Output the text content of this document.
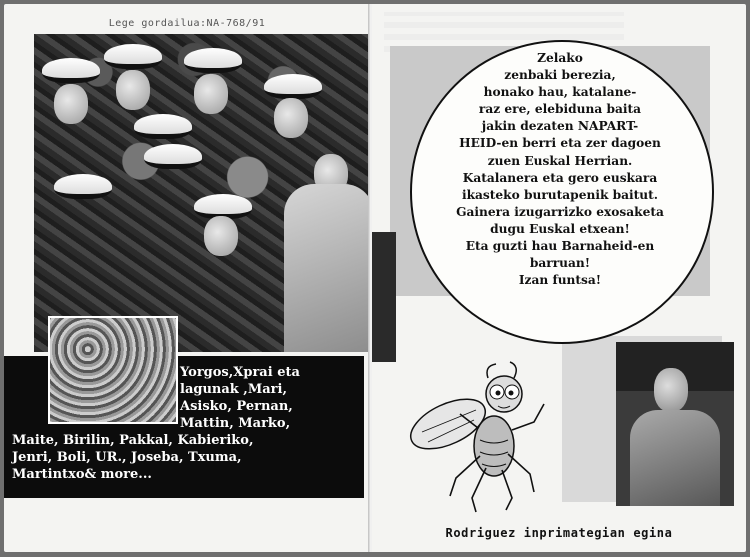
Lege gordailua:NA-768/91
Yorgos,Xprai eta
lagunak ,Mari,
Asisko, Pernan,
Mattin, Marko,
Maite, Birilin, Pakkal, Kabieriko,
Jenri, Boli, UR., Joseba, Txuma,
Martintxo& more...
Zelako
zenbaki berezia,
honako hau, katalane-
raz ere, elebiduna baita
jakin dezaten NAPART-
HEID-en berri eta zer dagoen
zuen Euskal Herrian.
Katalanera eta gero euskara
ikasteko burutapenik baitut.
Gainera izugarrizko exosaketa
dugu Euskal etxean!
Eta guzti hau Barnaheid-en
barruan!
Izan funtsa!
Rodriguez inprimategian egina
